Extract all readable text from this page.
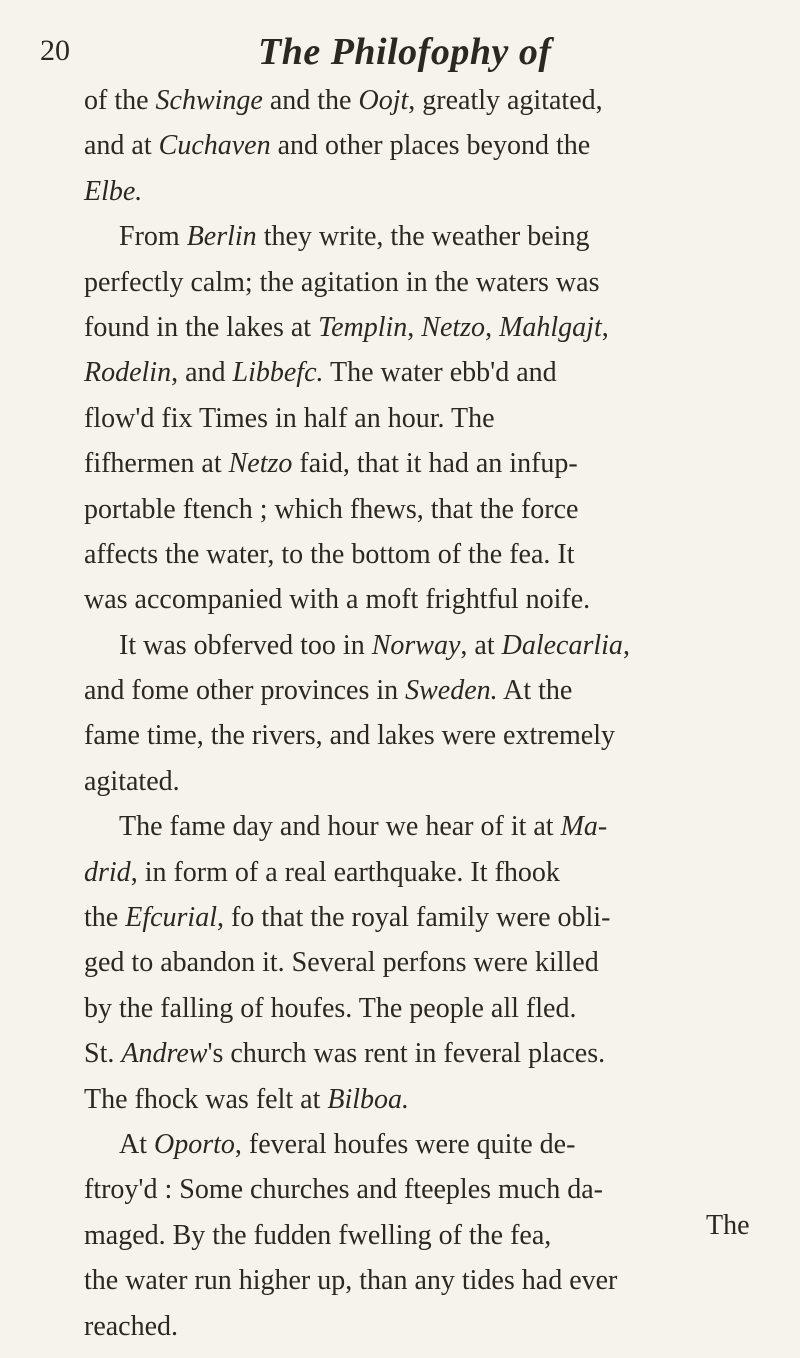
20	The Philofophy of
of the Schwinge and the Oojt, greatly agitated,
and at Cuchaven and other places beyond the
Elbe.
From Berlin they write, the weather being
perfectly calm; the agitation in the waters was
found in the lakes at Templin, Netzo, Mahlgajt,
Rodelin, and Libbefc. The water ebb'd and
flow'd fix Times in half an hour. The
fifhermen at Netzo faid, that it had an infup-
portable ftench ; which fhews, that the force
affects the water, to the bottom of the fea. It
was accompanied with a moft frightful noife.
It was obferved too in Norway, at Dalecarlia,
and fome other provinces in Sweden. At the
fame time, the rivers, and lakes were extremely
agitated.
The fame day and hour we hear of it at Ma-
drid, in form of a real earthquake. It fhook
the Efcurial, fo that the royal family were obli-
ged to abandon it. Several perfons were killed
by the falling of houfes. The people all fled.
St. Andrew's church was rent in feveral places.
The fhock was felt at Bilboa.
At Oporto, feveral houfes were quite de-
ftroy'd : Some churches and fteeples much da-
maged. By the fudden fwelling of the fea,
the water run higher up, than any tides had ever
reached.
The
